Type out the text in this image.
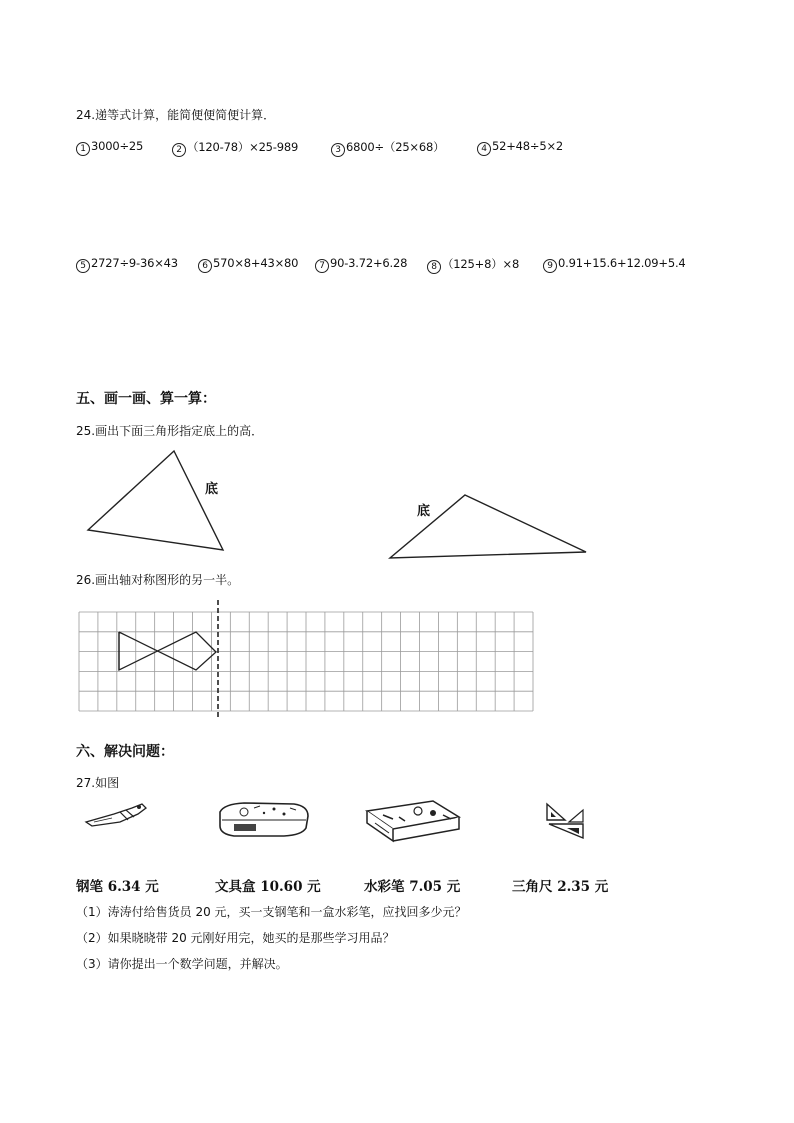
24.递等式计算，能简便便简便计算．
1 3000÷25	2 （120-78）×25-989	3 6800÷（25×68）	4 52+48÷5×2
5 2727÷9-36×43	6 570×8+43×80	7 90-3.72+6.28	8 （125+8）×8	9 0.91+15.6+12.09+5.4
五、画一画、算一算：
25.画出下面三角形指定底上的高．
底
底
26.画出轴对称图形的另一半。
六、解决问题：
27.如图
钢笔 6.34 元	文具盒 10.60 元	水彩笔 7.05 元	三角尺 2.35 元
（1）涛涛付给售货员 20 元，买一支钢笔和一盒水彩笔，应找回多少元？
（2）如果晓晓带 20 元刚好用完，她买的是那些学习用品？
（3）请你提出一个数学问题，并解决。
